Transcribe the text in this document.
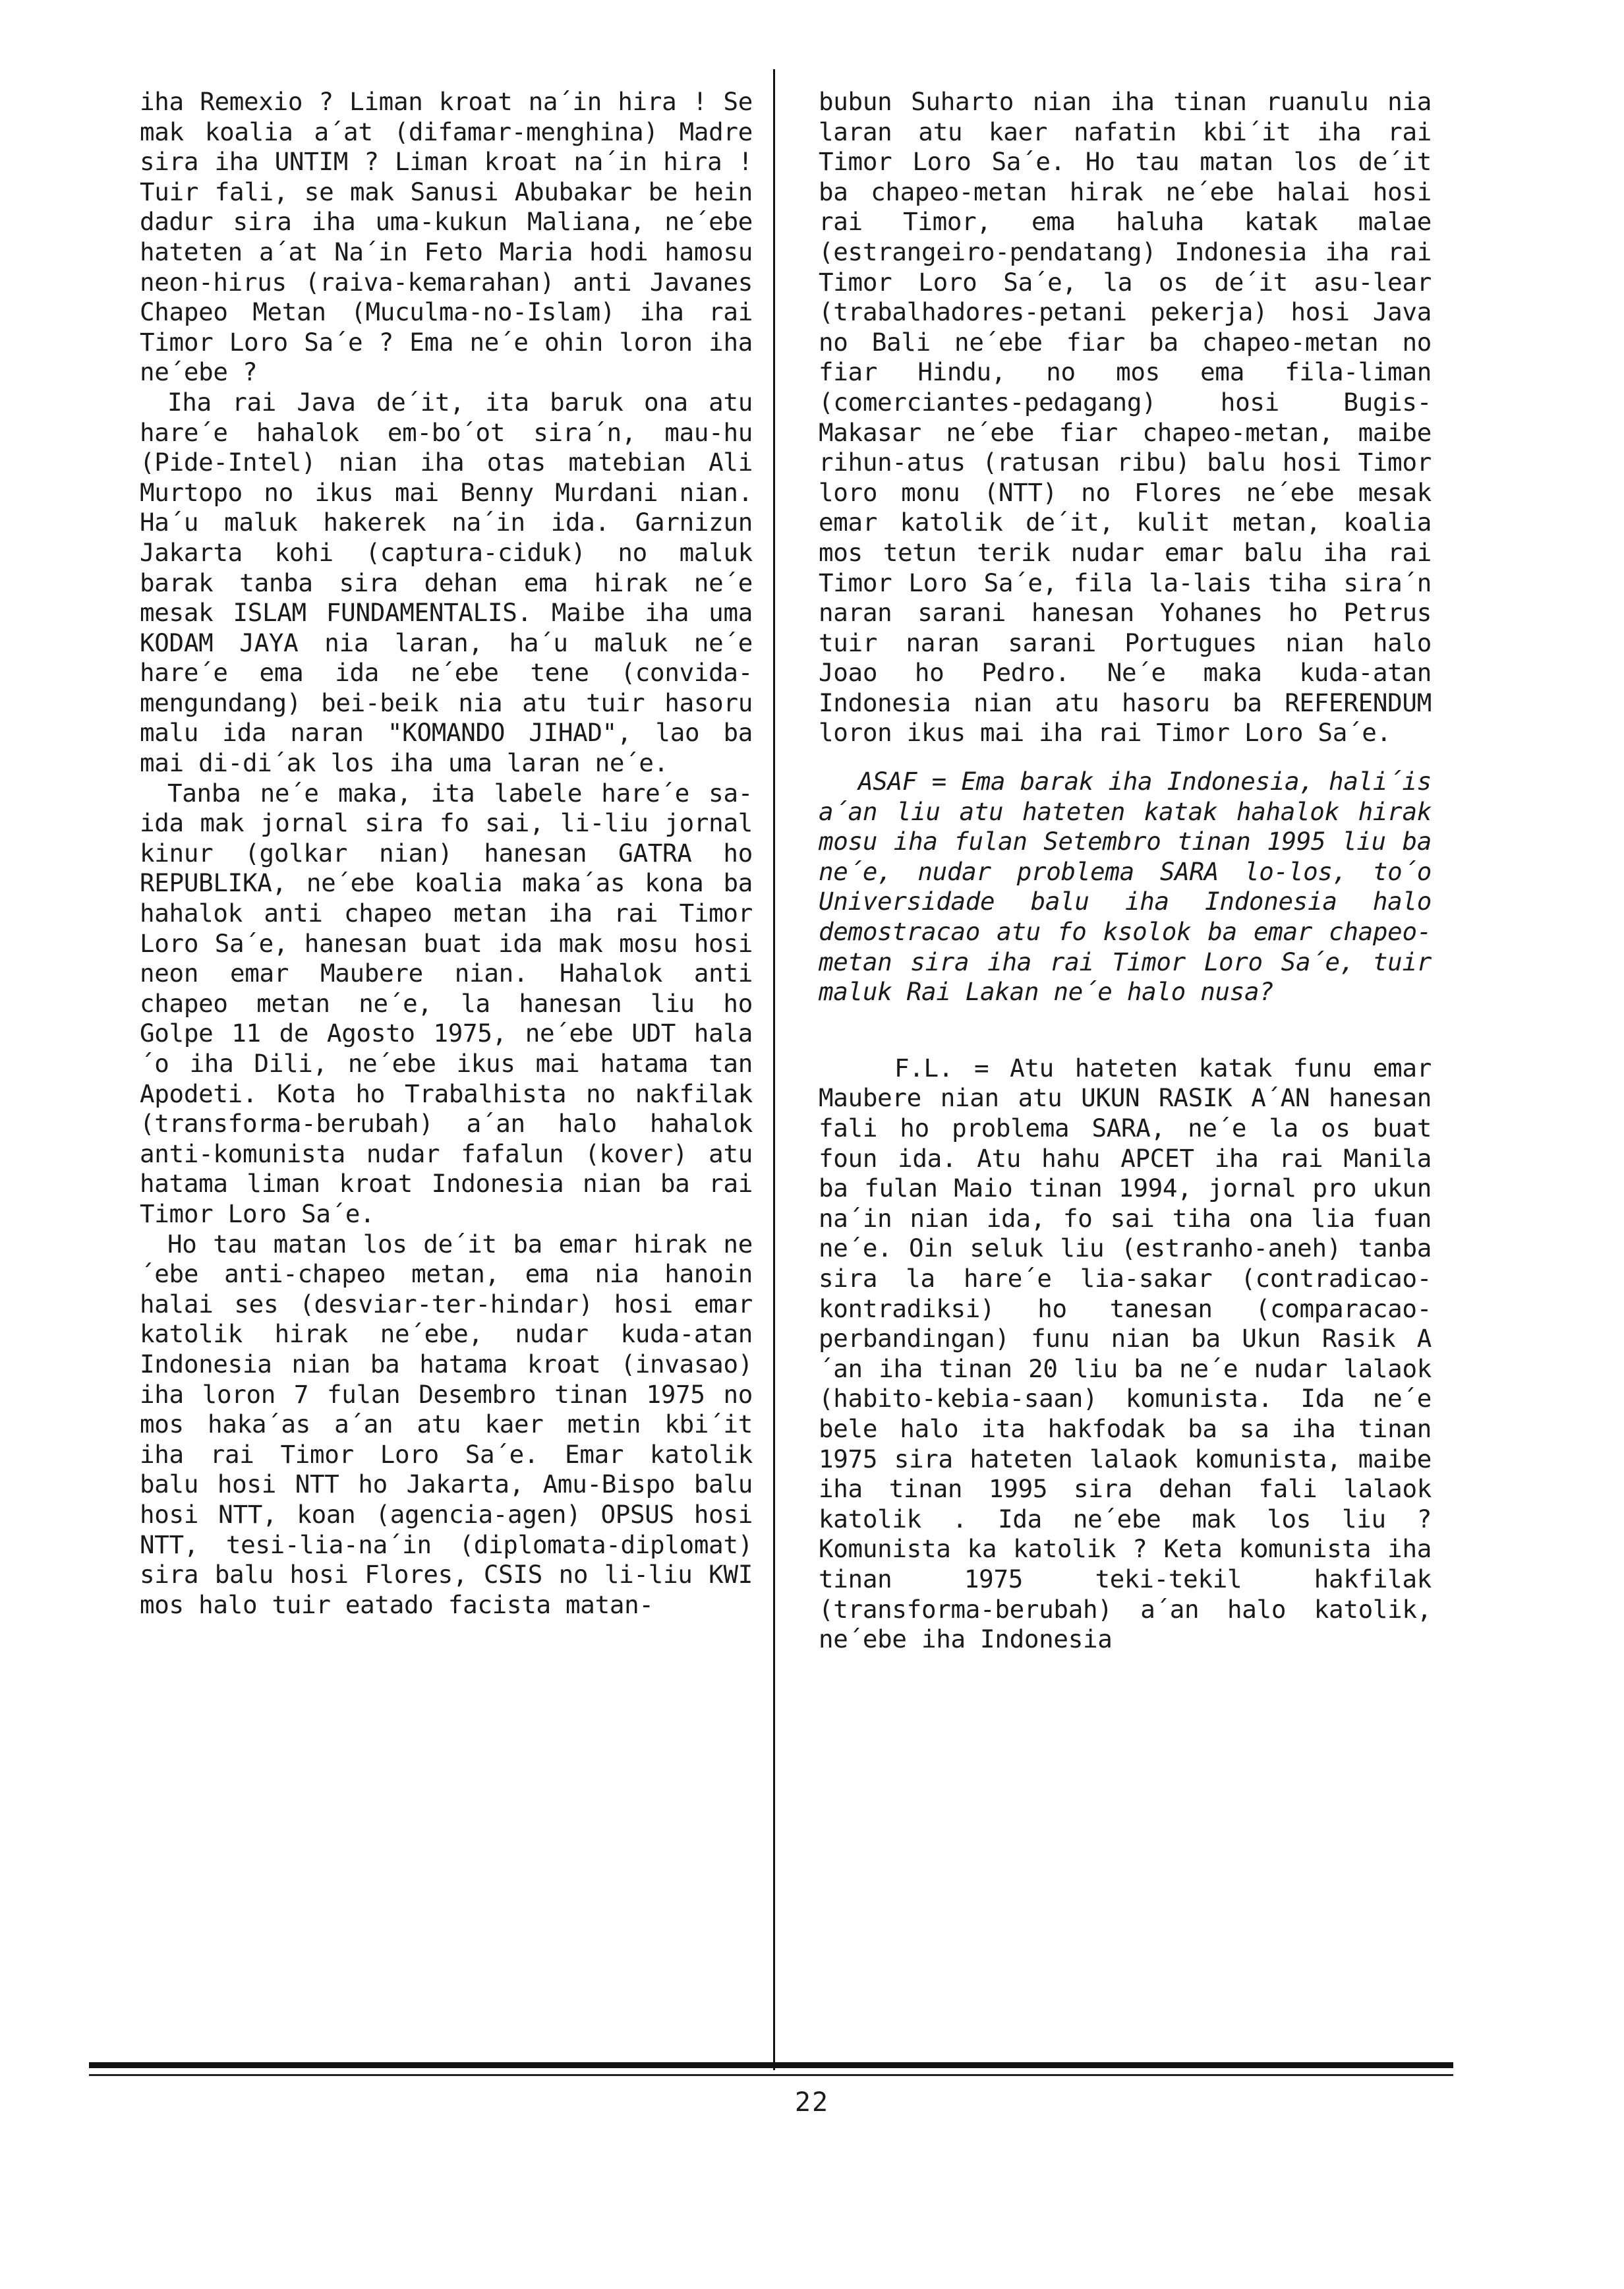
iha Remexio ? Liman kroat na´in hira ! Se mak koalia a´at (difamar-menghina) Madre sira iha UNTIM ? Liman kroat na´in hira ! Tuir fali, se mak Sanusi Abubakar be hein dadur sira iha uma-kukun Maliana, ne´ebe hateten a´at Na´in Feto Maria hodi hamosu neon-hirus (raiva-kemarahan) anti Javanes Chapeo Metan (Muculma-no-Islam) iha rai Timor Loro Sa´e ? Ema ne´e ohin loron iha ne´ebe ?

Iha rai Java de´it, ita baruk ona atu hare´e hahalok em-bo´ot sira´n, mau-hu (Pide-Intel) nian iha otas matebian Ali Murtopo no ikus mai Benny Murdani nian. Ha´u maluk hakerek na´in ida. Garnizun Jakarta kohi (captura-ciduk) no maluk barak tanba sira dehan ema hirak ne´e mesak ISLAM FUNDAMENTALIS. Maibe iha uma KODAM JAYA nia laran, ha´u maluk ne´e hare´e ema ida ne´ebe tene (convida-mengundang) bei-beik nia atu tuir hasoru malu ida naran "KOMANDO JIHAD", lao ba mai di-di´ak los iha uma laran ne´e.

Tanba ne´e maka, ita labele hare´e sa-ida mak jornal sira fo sai, li-liu jornal kinur (golkar nian) hanesan GATRA ho REPUBLIKA, ne´ebe koalia maka´as kona ba hahalok anti chapeo metan iha rai Timor Loro Sa´e, hanesan buat ida mak mosu hosi neon emar Maubere nian. Hahalok anti chapeo metan ne´e, la hanesan liu ho Golpe 11 de Agosto 1975, ne´ebe UDT hala´o iha Dili, ne´ebe ikus mai hatama tan Apodeti. Kota ho Trabalhista no nakfilak (transforma-berubah) a´an halo hahalok anti-komunista nudar fafalun (kover) atu hatama liman kroat Indonesia nian ba rai Timor Loro Sa´e.

Ho tau matan los de´it ba emar hirak ne´ebe anti-chapeo metan, ema nia hanoin halai ses (desviar-ter-hindar) hosi emar katolik hirak ne´ebe, nudar kuda-atan Indonesia nian ba hatama kroat (invasao) iha loron 7 fulan Desembro tinan 1975 no mos haka´as a´an atu kaer metin kbi´it iha rai Timor Loro Sa´e. Emar katolik balu hosi NTT ho Jakarta, Amu-Bispo balu hosi NTT, koan (agencia-agen) OPSUS hosi NTT, tesi-lia-na´in (diplomata-diplomat) sira balu hosi Flores, CSIS no li-liu KWI mos halo tuir eatado facista matan-

bubun Suharto nian iha tinan ruanulu nia laran atu kaer nafatin kbi´it iha rai Timor Loro Sa´e. Ho tau matan los de´it ba chapeo-metan hirak ne´ebe halai hosi rai Timor, ema haluha katak malae (estrangeiro-pendatang) Indonesia iha rai Timor Loro Sa´e, la os de´it asu-lear (trabalhadores-petani pekerja) hosi Java no Bali ne´ebe fiar ba chapeo-metan no fiar Hindu, no mos ema fila-liman (comerciantes-pedagang) hosi Bugis-Makasar ne´ebe fiar chapeo-metan, maibe rihun-atus (ratusan ribu) balu hosi Timor loro monu (NTT) no Flores ne´ebe mesak emar katolik de´it, kulit metan, koalia mos tetun terik nudar emar balu iha rai Timor Loro Sa´e, fila la-lais tiha sira´n naran sarani hanesan Yohanes ho Petrus tuir naran sarani Portugues nian halo Joao ho Pedro. Ne´e maka kuda-atan Indonesia nian atu hasoru ba REFERENDUM loron ikus mai iha rai Timor Loro Sa´e.

ASAF = Ema barak iha Indonesia, hali´is a´an liu atu hateten katak hahalok hirak mosu iha fulan Setembro tinan 1995 liu ba ne´e, nudar problema SARA lo-los, to´o Universidade balu iha Indonesia halo demostracao atu fo ksolok ba emar chapeo-metan sira iha rai Timor Loro Sa´e, tuir maluk Rai Lakan ne´e halo nusa?

F.L. = Atu hateten katak funu emar Maubere nian atu UKUN RASIK A´AN hanesan fali ho problema SARA, ne´e la os buat foun ida. Atu hahu APCET iha rai Manila ba fulan Maio tinan 1994, jornal pro ukun na´in nian ida, fo sai tiha ona lia fuan ne´e. Oin seluk liu (estranho-aneh) tanba sira la hare´e lia-sakar (contradicao-kontradiksi) ho tanesan (comparacao-perbandingan) funu nian ba Ukun Rasik A´an iha tinan 20 liu ba ne´e nudar lalaok (habito-kebia-saan) komunista. Ida ne´e bele halo ita hakfodak ba sa iha tinan 1975 sira hateten lalaok komunista, maibe iha tinan 1995 sira dehan fali lalaok katolik . Ida ne´ebe mak los liu ? Komunista ka katolik ? Keta komunista iha tinan 1975 teki-tekil hakfilak (transforma-berubah) a´an halo katolik, ne´ebe iha Indonesia

22
